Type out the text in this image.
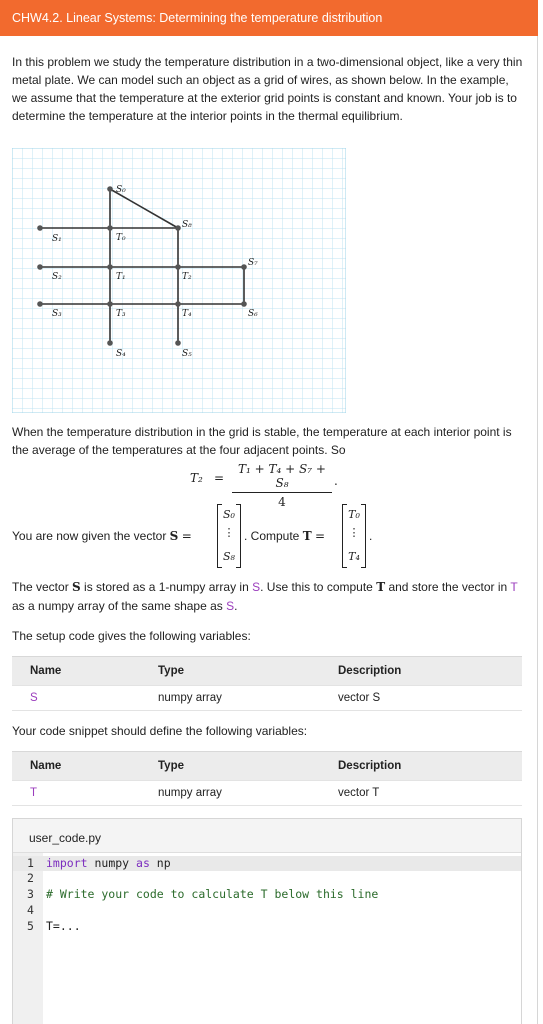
CHW4.2. Linear Systems: Determining the temperature distribution
In this problem we study the temperature distribution in a two-dimensional object, like a very thin metal plate. We can model such an object as a grid of wires, as shown below. In the example, we assume that the temperature at the exterior grid points is constant and known. Your job is to determine the temperature at the interior points in the thermal equilibrium.
S₀
S₁	T₀
S₈
S₂	T₁	T₂
S₇
S₃	T₃	T₄	S₆
S₄	S₅
When the temperature distribution in the grid is stable, the temperature at each interior point is the average of the temperatures at the four adjacent points. So
$T_2 = \frac{\text{T₁ + T₄ + S₇ + S₈}}{4}$ .
You are now given the vector S =
S₀
⋮
S₈
. Compute T =
T₀
⋮
T₄
.
The vector S is stored as a 1-numpy array in S. Use this to compute T and store the vector in T as a numpy array of the same shape as S.
The setup code gives the following variables:
Name	Type	Description
S	numpy array	vector S
Your code snippet should define the following variables:
Name	Type	Description
T	numpy array	vector T
user_code.py
1 import numpy as np
2
3 # Write your code to calculate T below this line
4
5 T=...
